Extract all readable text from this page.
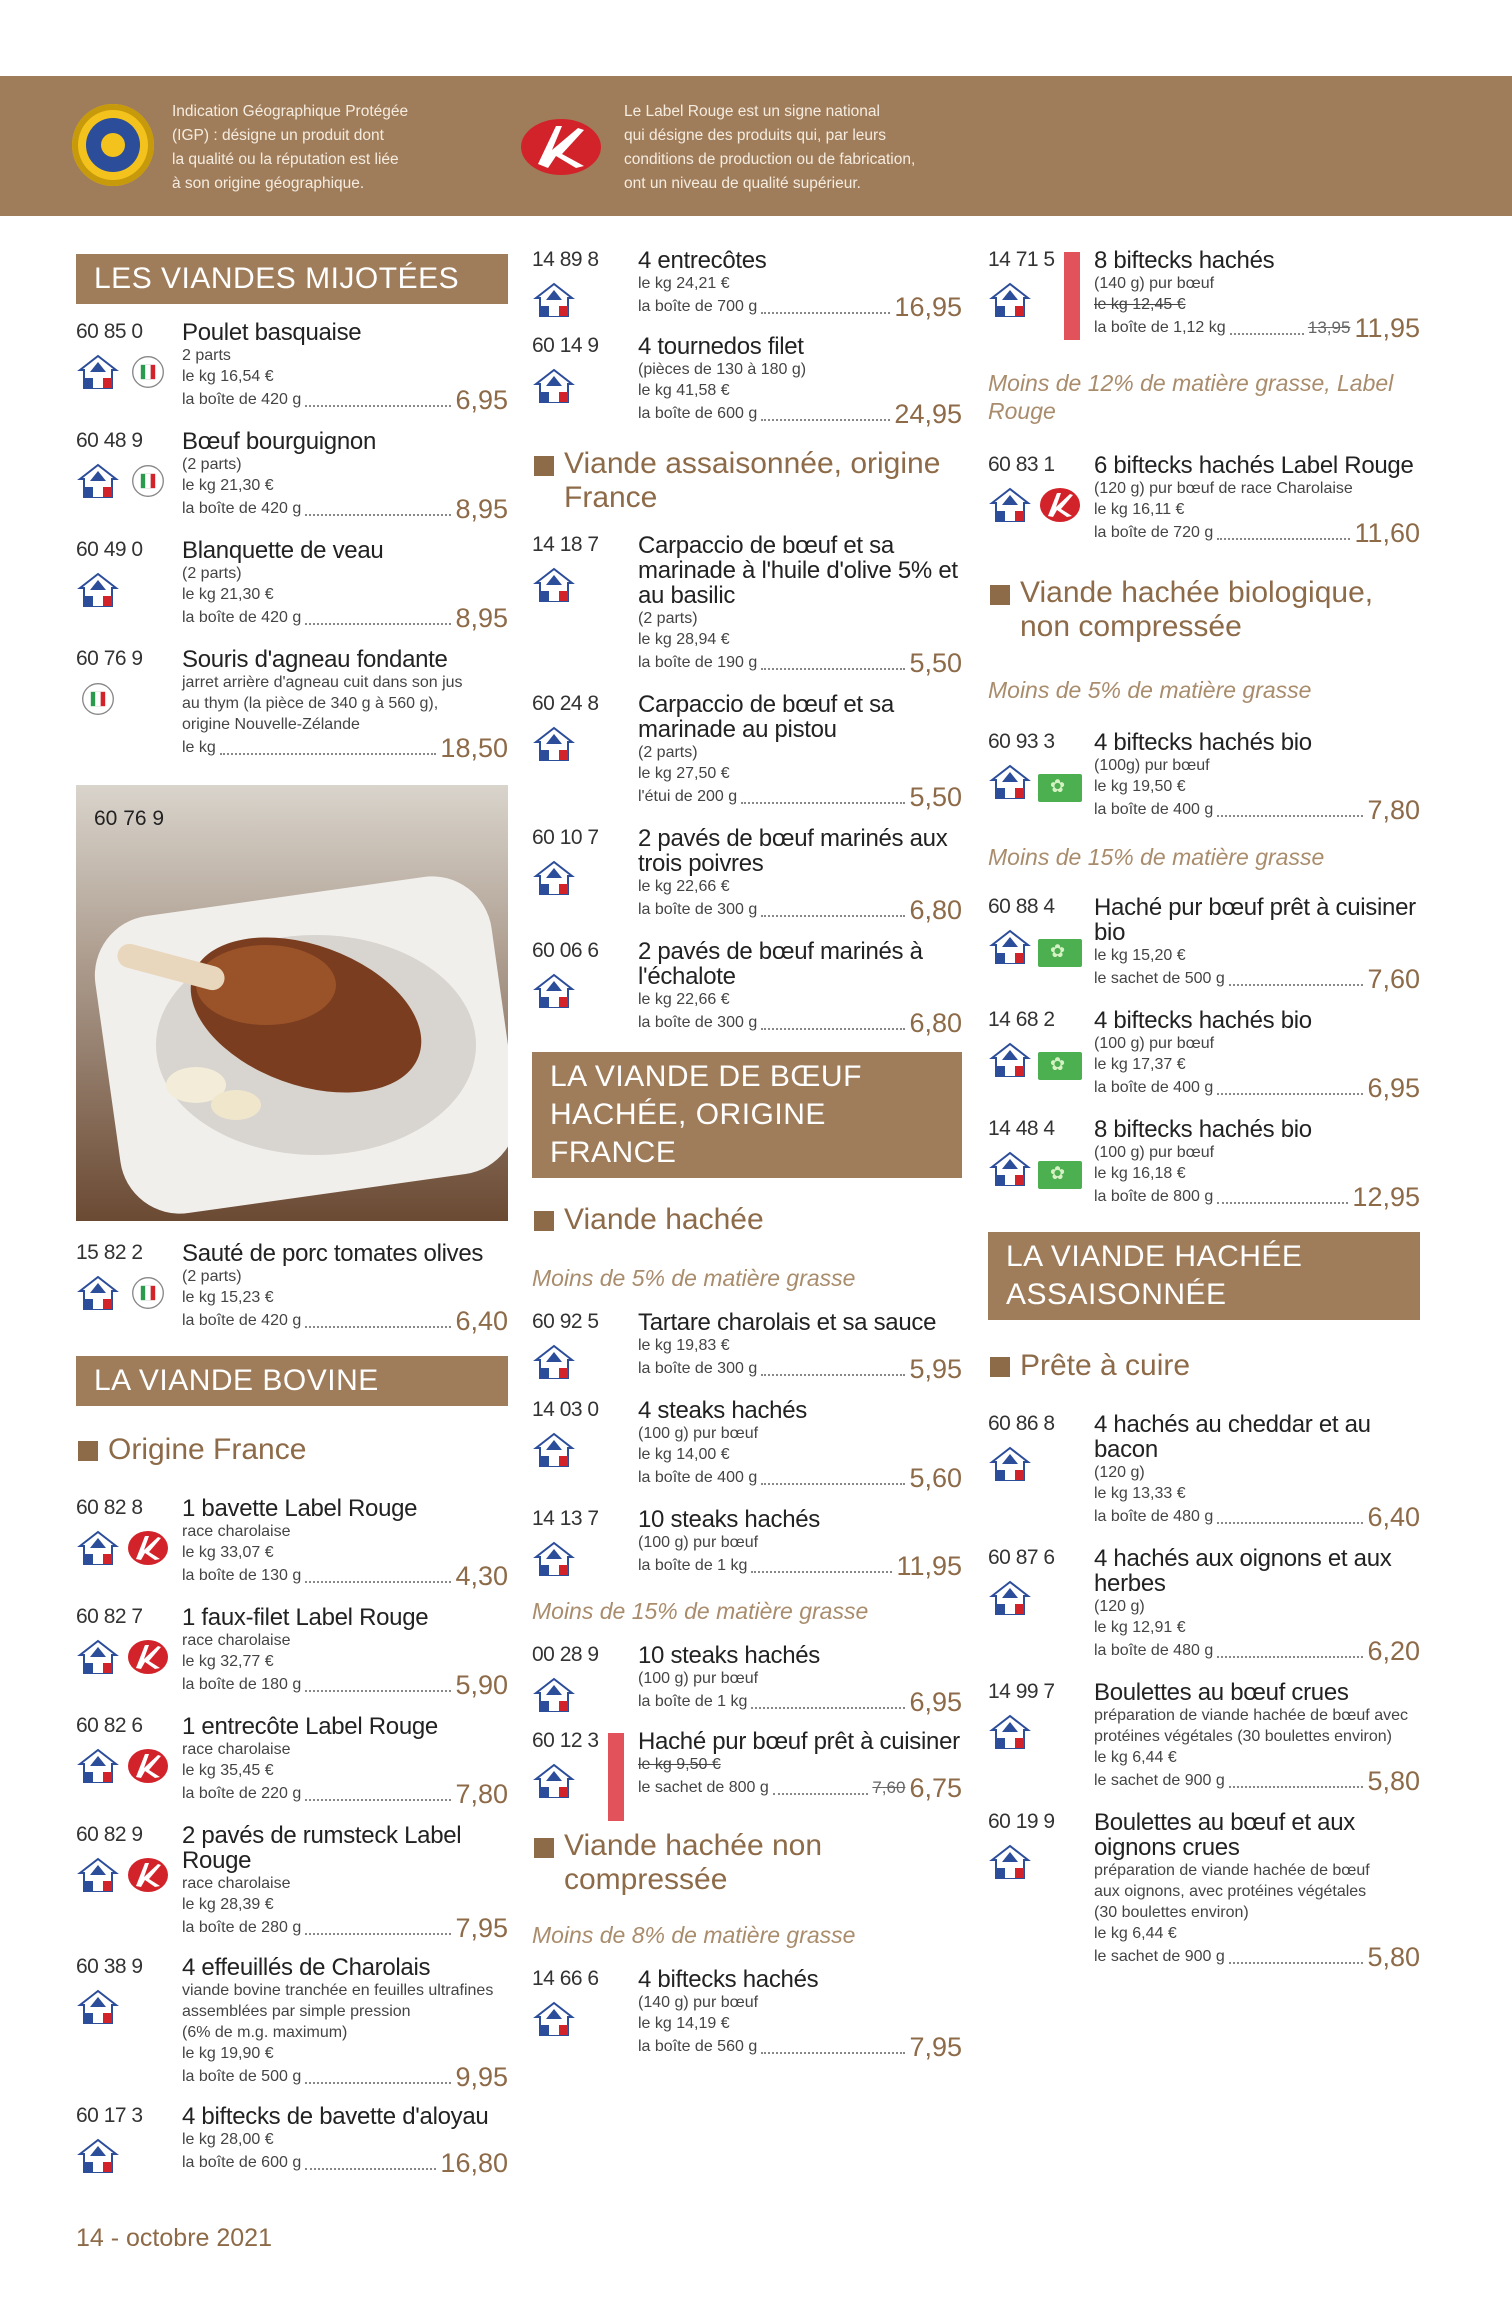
Indication Géographique Protégée
(IGP) : désigne un produit dont
la qualité ou la réputation est liée
à son origine géographique.
Le Label Rouge est un signe national
qui désigne des produits qui, par leurs
conditions de production ou de fabrication,
ont un niveau de qualité supérieur.
LES VIANDES MIJOTÉES
60 85 0 Poulet basquaise
2 parts
le kg 16,54 €
la boîte de 420 g	6,95
60 48 9 Bœuf bourguignon
(2 parts)
le kg 21,30 €
la boîte de 420 g	8,95
60 49 0 Blanquette de veau
(2 parts)
le kg 21,30 €
la boîte de 420 g	8,95
60 76 9 Souris d'agneau fondante
jarret arrière d'agneau cuit dans son jus
au thym (la pièce de 340 g à 560 g),
origine Nouvelle-Zélande
le kg	18,50
60 76 9
15 82 2 Sauté de porc tomates olives
(2 parts)
le kg 15,23 €
la boîte de 420 g	6,40
LA VIANDE BOVINE
Origine France
60 82 8 1 bavette Label Rouge
race charolaise
le kg 33,07 €
la boîte de 130 g	4,30
60 82 7 1 faux-filet Label Rouge
race charolaise
le kg 32,77 €
la boîte de 180 g	5,90
60 82 6 1 entrecôte Label Rouge
race charolaise
le kg 35,45 €
la boîte de 220 g	7,80
60 82 9 2 pavés de rumsteck Label Rouge
race charolaise
le kg 28,39 €
la boîte de 280 g	7,95
60 38 9 4 effeuillés de Charolais
viande bovine tranchée en feuilles ultrafines
assemblées par simple pression
(6% de m.g. maximum)
le kg 19,90 €
la boîte de 500 g	9,95
60 17 3 4 biftecks de bavette d'aloyau
le kg 28,00 €
la boîte de 600 g	16,80
14 89 8 4 entrecôtes
le kg 24,21 €
la boîte de 700 g	16,95
60 14 9 4 tournedos filet
(pièces de 130 à 180 g)
le kg 41,58 €
la boîte de 600 g	24,95
Viande assaisonnée, origine France
14 18 7 Carpaccio de bœuf et sa marinade à l'huile d'olive 5% et au basilic
(2 parts)
le kg 28,94 €
la boîte de 190 g	5,50
60 24 8 Carpaccio de bœuf et sa marinade au pistou
(2 parts)
le kg 27,50 €
l'étui de 200 g	5,50
60 10 7 2 pavés de bœuf marinés aux trois poivres
le kg 22,66 €
la boîte de 300 g	6,80
60 06 6 2 pavés de bœuf marinés à l'échalote
le kg 22,66 €
la boîte de 300 g	6,80
LA VIANDE DE BŒUF HACHÉE, ORIGINE FRANCE
Viande hachée
Moins de 5% de matière grasse
60 92 5 Tartare charolais et sa sauce
le kg 19,83 €
la boîte de 300 g	5,95
14 03 0 4 steaks hachés
(100 g) pur bœuf
le kg 14,00 €
la boîte de 400 g	5,60
14 13 7 10 steaks hachés
(100 g) pur bœuf
la boîte de 1 kg	11,95
Moins de 15% de matière grasse
00 28 9 10 steaks hachés
(100 g) pur bœuf
la boîte de 1 kg	6,95
60 12 3 Haché pur bœuf prêt à cuisiner
le kg 9,50 €
le sachet de 800 g	7,60 6,75
Viande hachée non compressée
Moins de 8% de matière grasse
14 66 6 4 biftecks hachés
(140 g) pur bœuf
le kg 14,19 €
la boîte de 560 g	7,95
14 71 5 8 biftecks hachés
(140 g) pur bœuf
le kg 12,45 €
la boîte de 1,12 kg	13,95 11,95
Moins de 12% de matière grasse, Label Rouge
60 83 1 6 biftecks hachés Label Rouge
(120 g) pur bœuf de race Charolaise
le kg 16,11 €
la boîte de 720 g	11,60
Viande hachée biologique, non compressée
Moins de 5% de matière grasse
60 93 3
✿ 4 biftecks hachés bio
(100g) pur bœuf
le kg 19,50 €
la boîte de 400 g	7,80
Moins de 15% de matière grasse
60 88 4
✿ Haché pur bœuf prêt à cuisiner bio
le kg 15,20 €
le sachet de 500 g	7,60
14 68 2
✿ 4 biftecks hachés bio
(100 g) pur bœuf
le kg 17,37 €
la boîte de 400 g	6,95
14 48 4
✿ 8 biftecks hachés bio
(100 g) pur bœuf
le kg 16,18 €
la boîte de 800 g	12,95
LA VIANDE HACHÉE ASSAISONNÉE
Prête à cuire
60 86 8 4 hachés au cheddar et au bacon
(120 g)
le kg 13,33 €
la boîte de 480 g	6,40
60 87 6 4 hachés aux oignons et aux herbes
(120 g)
le kg 12,91 €
la boîte de 480 g	6,20
14 99 7 Boulettes au bœuf crues
préparation de viande hachée de bœuf avec
protéines végétales (30 boulettes environ)
le kg 6,44 €
le sachet de 900 g	5,80
60 19 9 Boulettes au bœuf et aux oignons crues
préparation de viande hachée de bœuf
aux oignons, avec protéines végétales
(30 boulettes environ)
le kg 6,44 €
le sachet de 900 g	5,80
14 - octobre 2021
